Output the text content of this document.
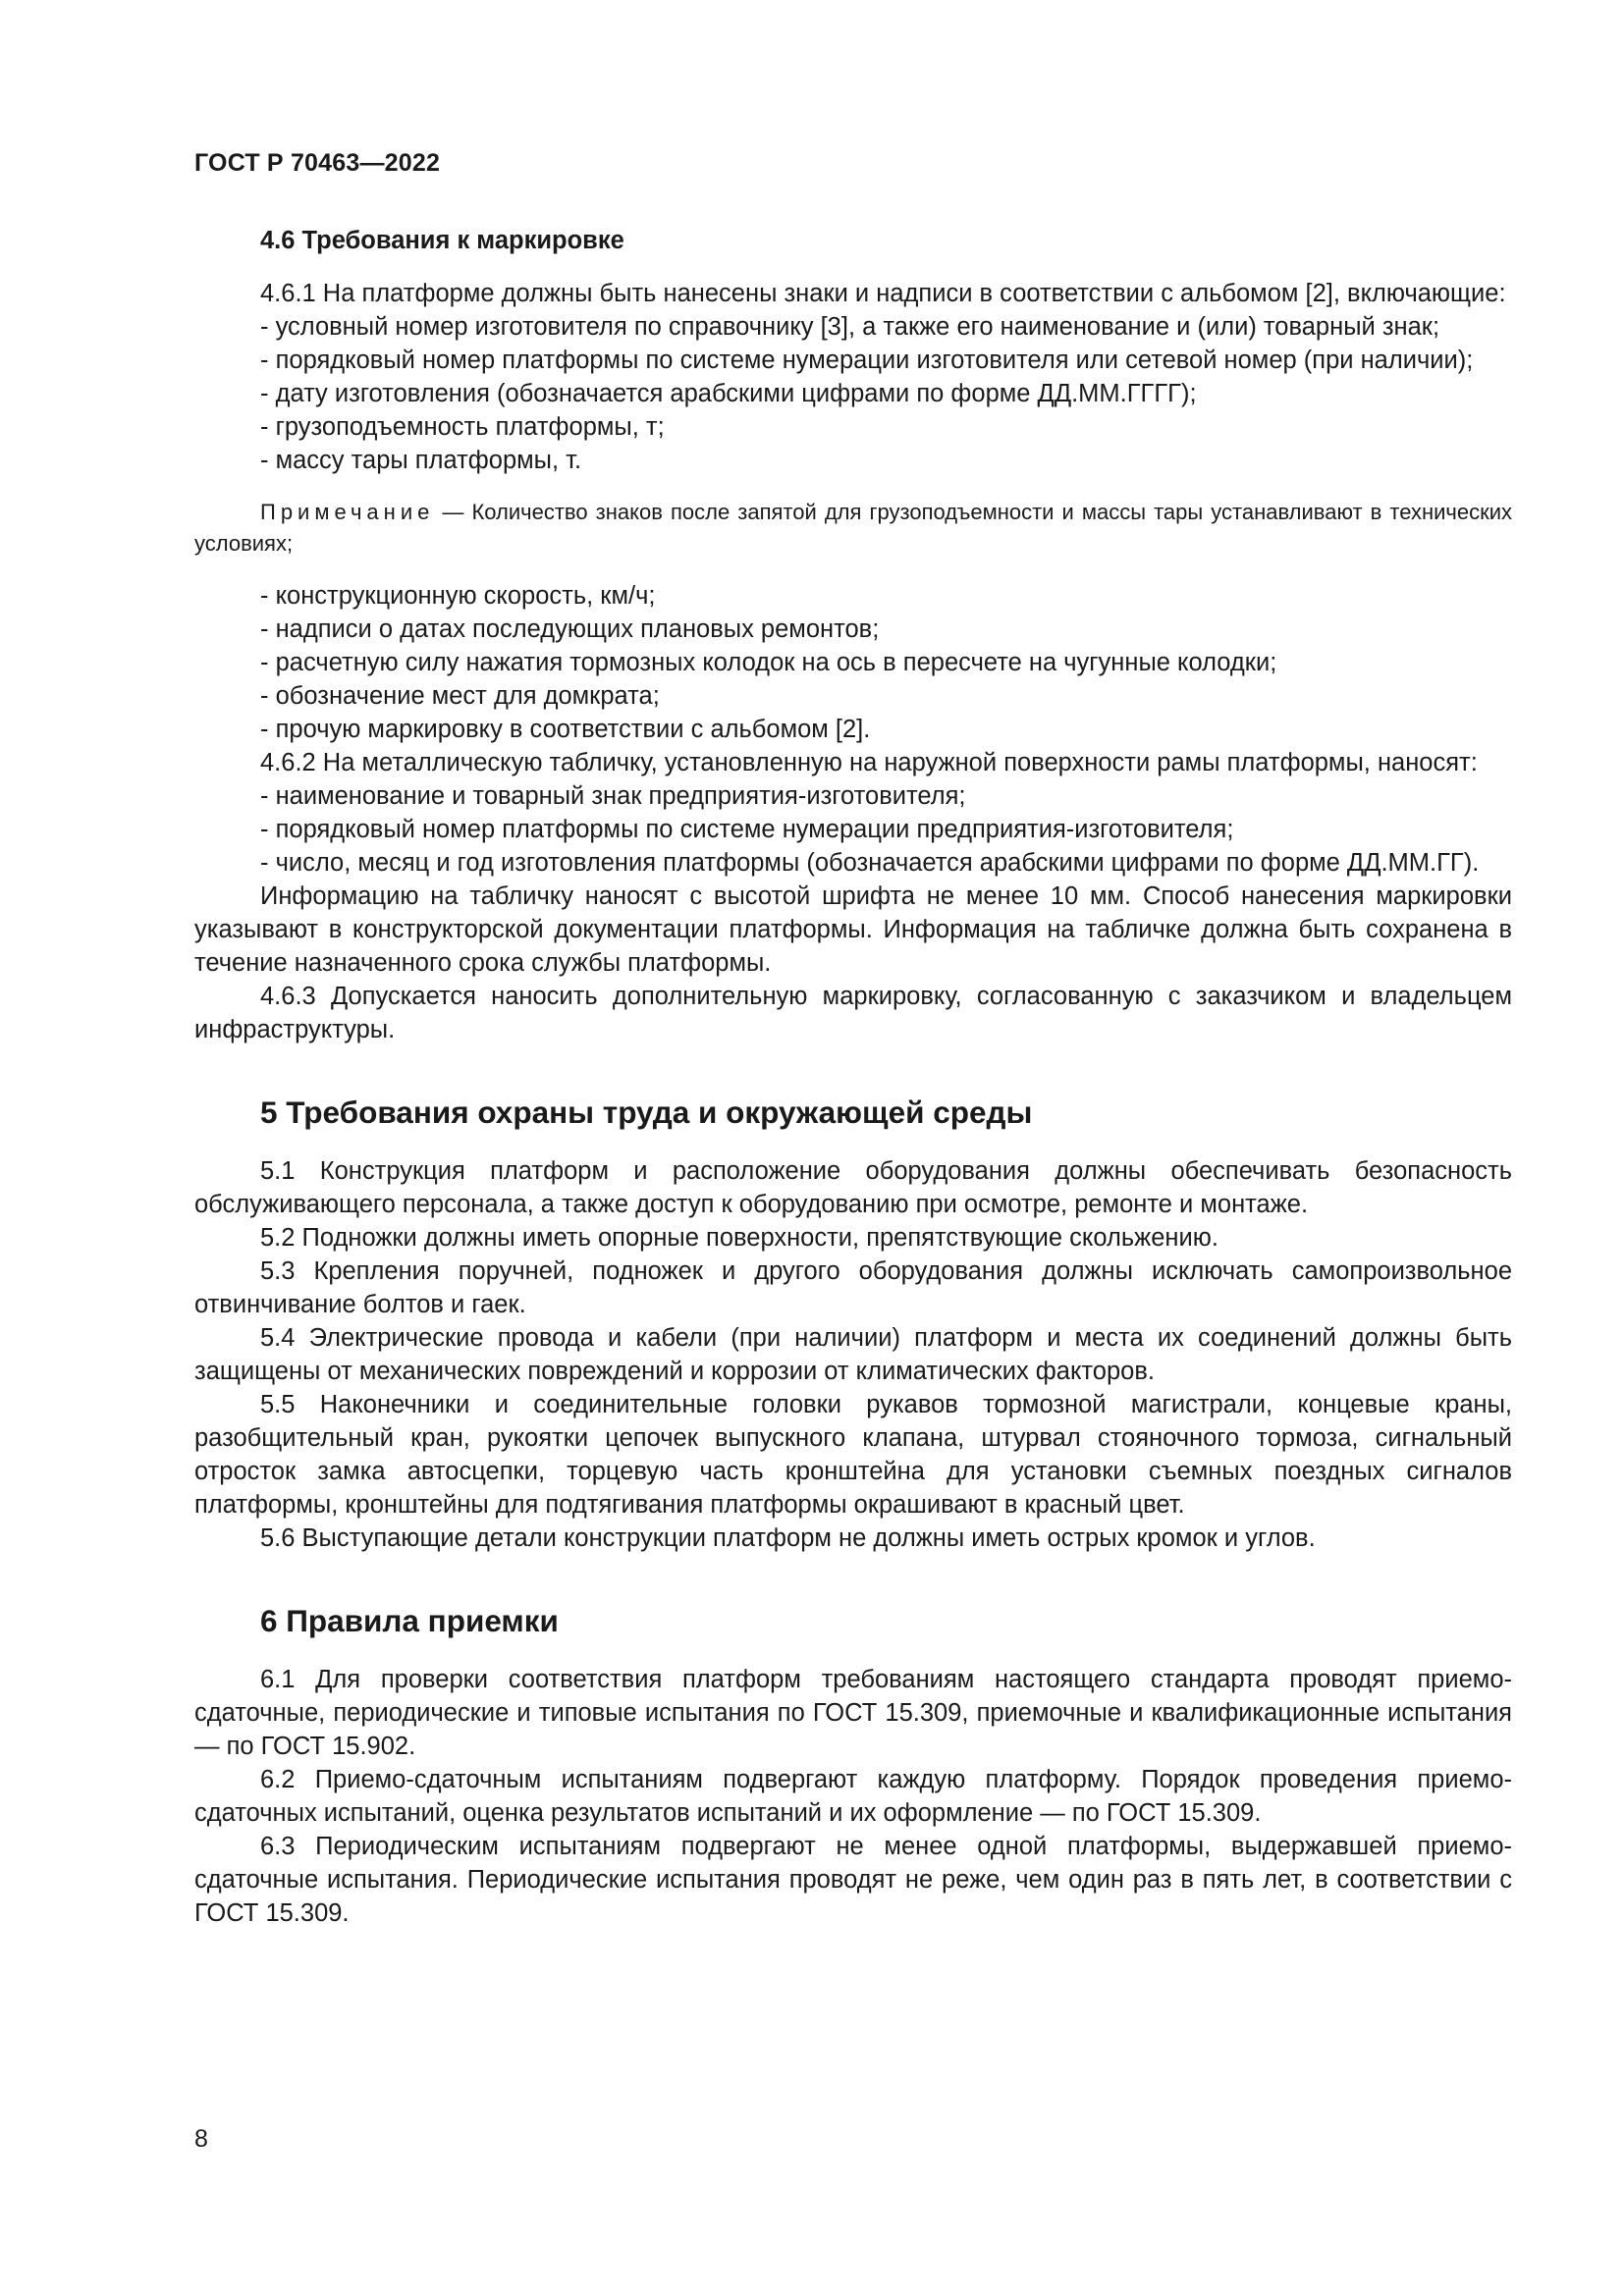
ГОСТ Р 70463—2022

4.6 Требования к маркировке

4.6.1 На платформе должны быть нанесены знаки и надписи в соответствии с альбомом [2], включающие:

- условный номер изготовителя по справочнику [3], а также его наименование и (или) товарный знак;

- порядковый номер платформы по системе нумерации изготовителя или сетевой номер (при наличии);

- дату изготовления (обозначается арабскими цифрами по форме ДД.ММ.ГГГГ);

- грузоподъемность платформы, т;

- массу тары платформы, т.

Примечание — Количество знаков после запятой для грузоподъемности и массы тары устанавливают в технических условиях;

- конструкционную скорость, км/ч;

- надписи о датах последующих плановых ремонтов;

- расчетную силу нажатия тормозных колодок на ось в пересчете на чугунные колодки;

- обозначение мест для домкрата;

- прочую маркировку в соответствии с альбомом [2].

4.6.2 На металлическую табличку, установленную на наружной поверхности рамы платформы, наносят:

- наименование и товарный знак предприятия-изготовителя;

- порядковый номер платформы по системе нумерации предприятия-изготовителя;

- число, месяц и год изготовления платформы (обозначается арабскими цифрами по форме ДД.ММ.ГГ).

Информацию на табличку наносят с высотой шрифта не менее 10 мм. Способ нанесения маркировки указывают в конструкторской документации платформы. Информация на табличке должна быть сохранена в течение назначенного срока службы платформы.

4.6.3 Допускается наносить дополнительную маркировку, согласованную с заказчиком и владельцем инфраструктуры.

5 Требования охраны труда и окружающей среды

5.1 Конструкция платформ и расположение оборудования должны обеспечивать безопасность обслуживающего персонала, а также доступ к оборудованию при осмотре, ремонте и монтаже.

5.2 Подножки должны иметь опорные поверхности, препятствующие скольжению.

5.3 Крепления поручней, подножек и другого оборудования должны исключать самопроизвольное отвинчивание болтов и гаек.

5.4 Электрические провода и кабели (при наличии) платформ и места их соединений должны быть защищены от механических повреждений и коррозии от климатических факторов.

5.5 Наконечники и соединительные головки рукавов тормозной магистрали, концевые краны, разобщительный кран, рукоятки цепочек выпускного клапана, штурвал стояночного тормоза, сигнальный отросток замка автосцепки, торцевую часть кронштейна для установки съемных поездных сигналов платформы, кронштейны для подтягивания платформы окрашивают в красный цвет.

5.6 Выступающие детали конструкции платформ не должны иметь острых кромок и углов.

6 Правила приемки

6.1 Для проверки соответствия платформ требованиям настоящего стандарта проводят приемо-сдаточные, периодические и типовые испытания по ГОСТ 15.309, приемочные и квалификационные испытания — по ГОСТ 15.902.

6.2 Приемо-сдаточным испытаниям подвергают каждую платформу. Порядок проведения приемо-сдаточных испытаний, оценка результатов испытаний и их оформление — по ГОСТ 15.309.

6.3 Периодическим испытаниям подвергают не менее одной платформы, выдержавшей приемо-сдаточные испытания. Периодические испытания проводят не реже, чем один раз в пять лет, в соответствии с ГОСТ 15.309.

8
